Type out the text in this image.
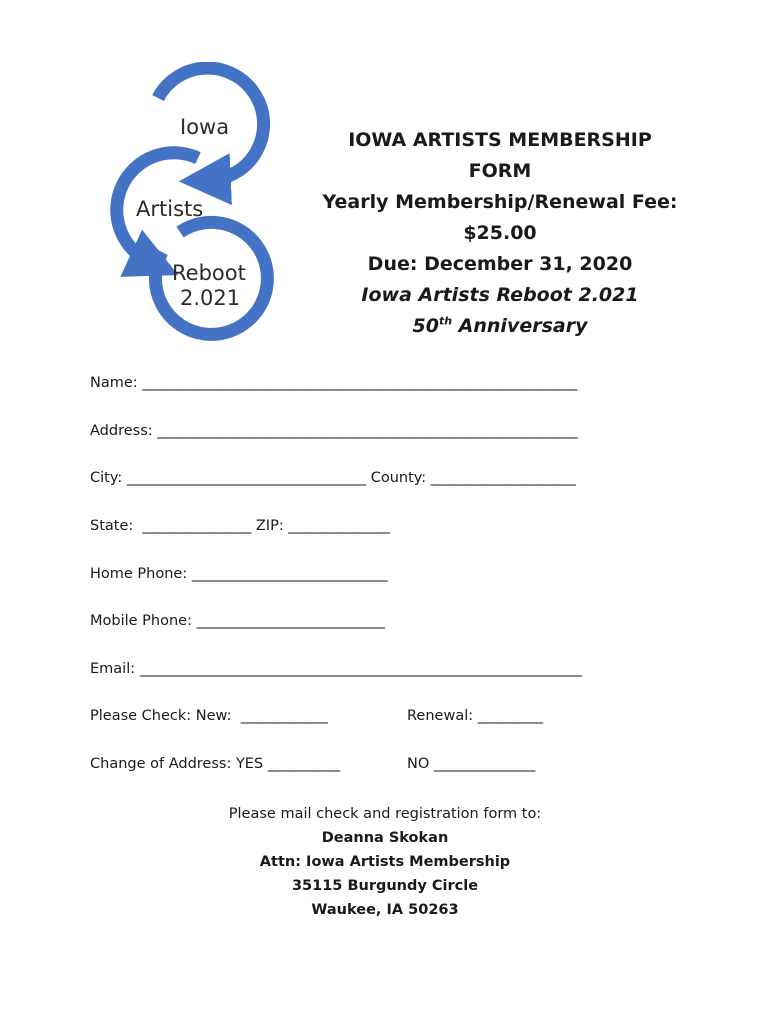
Iowa
Artists
Reboot
2.021
IOWA ARTISTS MEMBERSHIP FORM
Yearly Membership/Renewal Fee:
$25.00
Due: December 31, 2020
Iowa Artists Reboot 2.021
50th Anniversary
Name: ____________________________________________________________
Address: __________________________________________________________
City: _________________________________ County: ____________________
State:  _______________ ZIP: ______________
Home Phone: ___________________________
Mobile Phone: __________________________
Email: _____________________________________________________________
Please Check: New:  ____________	Renewal: _________
Change of Address: YES __________	NO ______________
Please mail check and registration form to:
Deanna Skokan
Attn: Iowa Artists Membership
35115 Burgundy Circle
Waukee, IA 50263
